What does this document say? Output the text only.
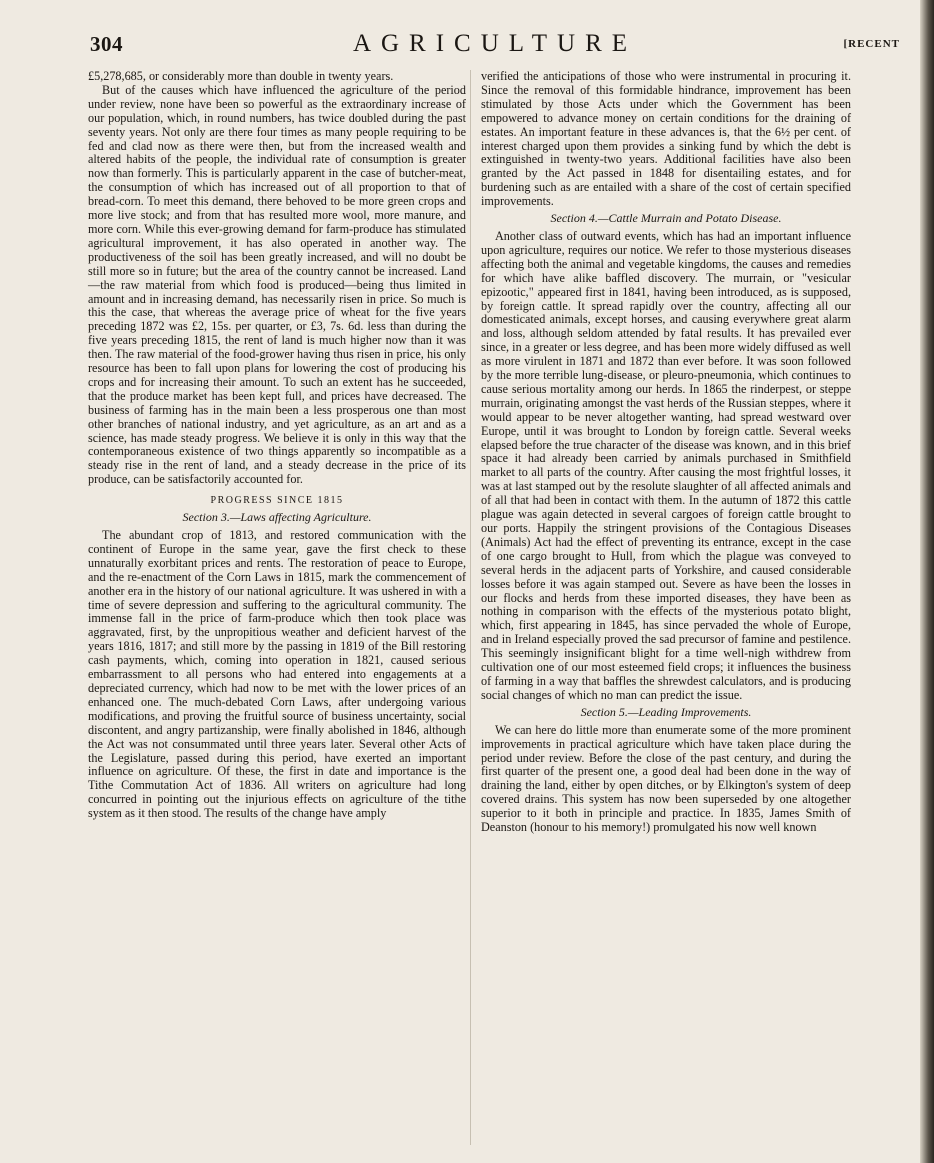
304	AGRICULTURE	[RECENT

£5,278,685, or considerably more than double in twenty years.

But of the causes which have influenced the agriculture of the period under review, none have been so powerful as the extraordinary increase of our population, which, in round numbers, has twice doubled during the past seventy years. Not only are there four times as many people requiring to be fed and clad now as there were then, but from the increased wealth and altered habits of the people, the individual rate of consumption is greater now than formerly. This is particularly apparent in the case of butcher-meat, the consumption of which has increased out of all proportion to that of bread-corn. To meet this demand, there behoved to be more green crops and more live stock; and from that has resulted more wool, more manure, and more corn. While this ever-growing demand for farm-produce has stimulated agricultural improvement, it has also operated in another way. The productiveness of the soil has been greatly increased, and will no doubt be still more so in future; but the area of the country cannot be increased. Land—the raw material from which food is produced—being thus limited in amount and in increasing demand, has necessarily risen in price. So much is this the case, that whereas the average price of wheat for the five years preceding 1872 was £2, 15s. per quarter, or £3, 7s. 6d. less than during the five years preceding 1815, the rent of land is much higher now than it was then. The raw material of the food-grower having thus risen in price, his only resource has been to fall upon plans for lowering the cost of producing his crops and for increasing their amount. To such an extent has he succeeded, that the produce market has been kept full, and prices have decreased. The business of farming has in the main been a less prosperous one than most other branches of national industry, and yet agriculture, as an art and as a science, has made steady progress. We believe it is only in this way that the contemporaneous existence of two things apparently so incompatible as a steady rise in the rent of land, and a steady decrease in the price of its produce, can be satisfactorily accounted for.

PROGRESS SINCE 1815
Section 3.—Laws affecting Agriculture.

The abundant crop of 1813, and restored communication with the continent of Europe in the same year, gave the first check to these unnaturally exorbitant prices and rents. The restoration of peace to Europe, and the re-enactment of the Corn Laws in 1815, mark the commencement of another era in the history of our national agriculture. It was ushered in with a time of severe depression and suffering to the agricultural community. The immense fall in the price of farm-produce which then took place was aggravated, first, by the unpropitious weather and deficient harvest of the years 1816, 1817; and still more by the passing in 1819 of the Bill restoring cash payments, which, coming into operation in 1821, caused serious embarrassment to all persons who had entered into engagements at a depreciated currency, which had now to be met with the lower prices of an enhanced one. The much-debated Corn Laws, after undergoing various modifications, and proving the fruitful source of business uncertainty, social discontent, and angry partizanship, were finally abolished in 1846, although the Act was not consummated until three years later. Several other Acts of the Legislature, passed during this period, have exerted an important influence on agriculture. Of these, the first in date and importance is the Tithe Commutation Act of 1836. All writers on agriculture had long concurred in pointing out the injurious effects on agriculture of the tithe system as it then stood. The results of the change have amply

verified the anticipations of those who were instrumental in procuring it. Since the removal of this formidable hindrance, improvement has been stimulated by those Acts under which the Government has been empowered to advance money on certain conditions for the draining of estates. An important feature in these advances is, that the 6½ per cent. of interest charged upon them provides a sinking fund by which the debt is extinguished in twenty-two years. Additional facilities have also been granted by the Act passed in 1848 for disentailing estates, and for burdening such as are entailed with a share of the cost of certain specified improvements.

Section 4.—Cattle Murrain and Potato Disease.

Another class of outward events, which has had an important influence upon agriculture, requires our notice. We refer to those mysterious diseases affecting both the animal and vegetable kingdoms, the causes and remedies for which have alike baffled discovery. The murrain, or "vesicular epizootic," appeared first in 1841, having been introduced, as is supposed, by foreign cattle. It spread rapidly over the country, affecting all our domesticated animals, except horses, and causing everywhere great alarm and loss, although seldom attended by fatal results. It has prevailed ever since, in a greater or less degree, and has been more widely diffused as well as more virulent in 1871 and 1872 than ever before. It was soon followed by the more terrible lung-disease, or pleuro-pneumonia, which continues to cause serious mortality among our herds. In 1865 the rinderpest, or steppe murrain, originating amongst the vast herds of the Russian steppes, where it would appear to be never altogether wanting, had spread westward over Europe, until it was brought to London by foreign cattle. Several weeks elapsed before the true character of the disease was known, and in this brief space it had already been carried by animals purchased in Smithfield market to all parts of the country. After causing the most frightful losses, it was at last stamped out by the resolute slaughter of all affected animals and of all that had been in contact with them. In the autumn of 1872 this cattle plague was again detected in several cargoes of foreign cattle brought to our ports. Happily the stringent provisions of the Contagious Diseases (Animals) Act had the effect of preventing its entrance, except in the case of one cargo brought to Hull, from which the plague was conveyed to several herds in the adjacent parts of Yorkshire, and caused considerable losses before it was again stamped out. Severe as have been the losses in our flocks and herds from these imported diseases, they have been as nothing in comparison with the effects of the mysterious potato blight, which, first appearing in 1845, has since pervaded the whole of Europe, and in Ireland especially proved the sad precursor of famine and pestilence. This seemingly insignificant blight for a time well-nigh withdrew from cultivation one of our most esteemed field crops; it influences the business of farming in a way that baffles the shrewdest calculators, and is producing social changes of which no man can predict the issue.

Section 5.—Leading Improvements.

We can here do little more than enumerate some of the more prominent improvements in practical agriculture which have taken place during the period under review. Before the close of the past century, and during the first quarter of the present one, a good deal had been done in the way of draining the land, either by open ditches, or by Elkington's system of deep covered drains. This system has now been superseded by one altogether superior to it both in principle and practice. In 1835, James Smith of Deanston (honour to his memory!) promulgated his now well known
